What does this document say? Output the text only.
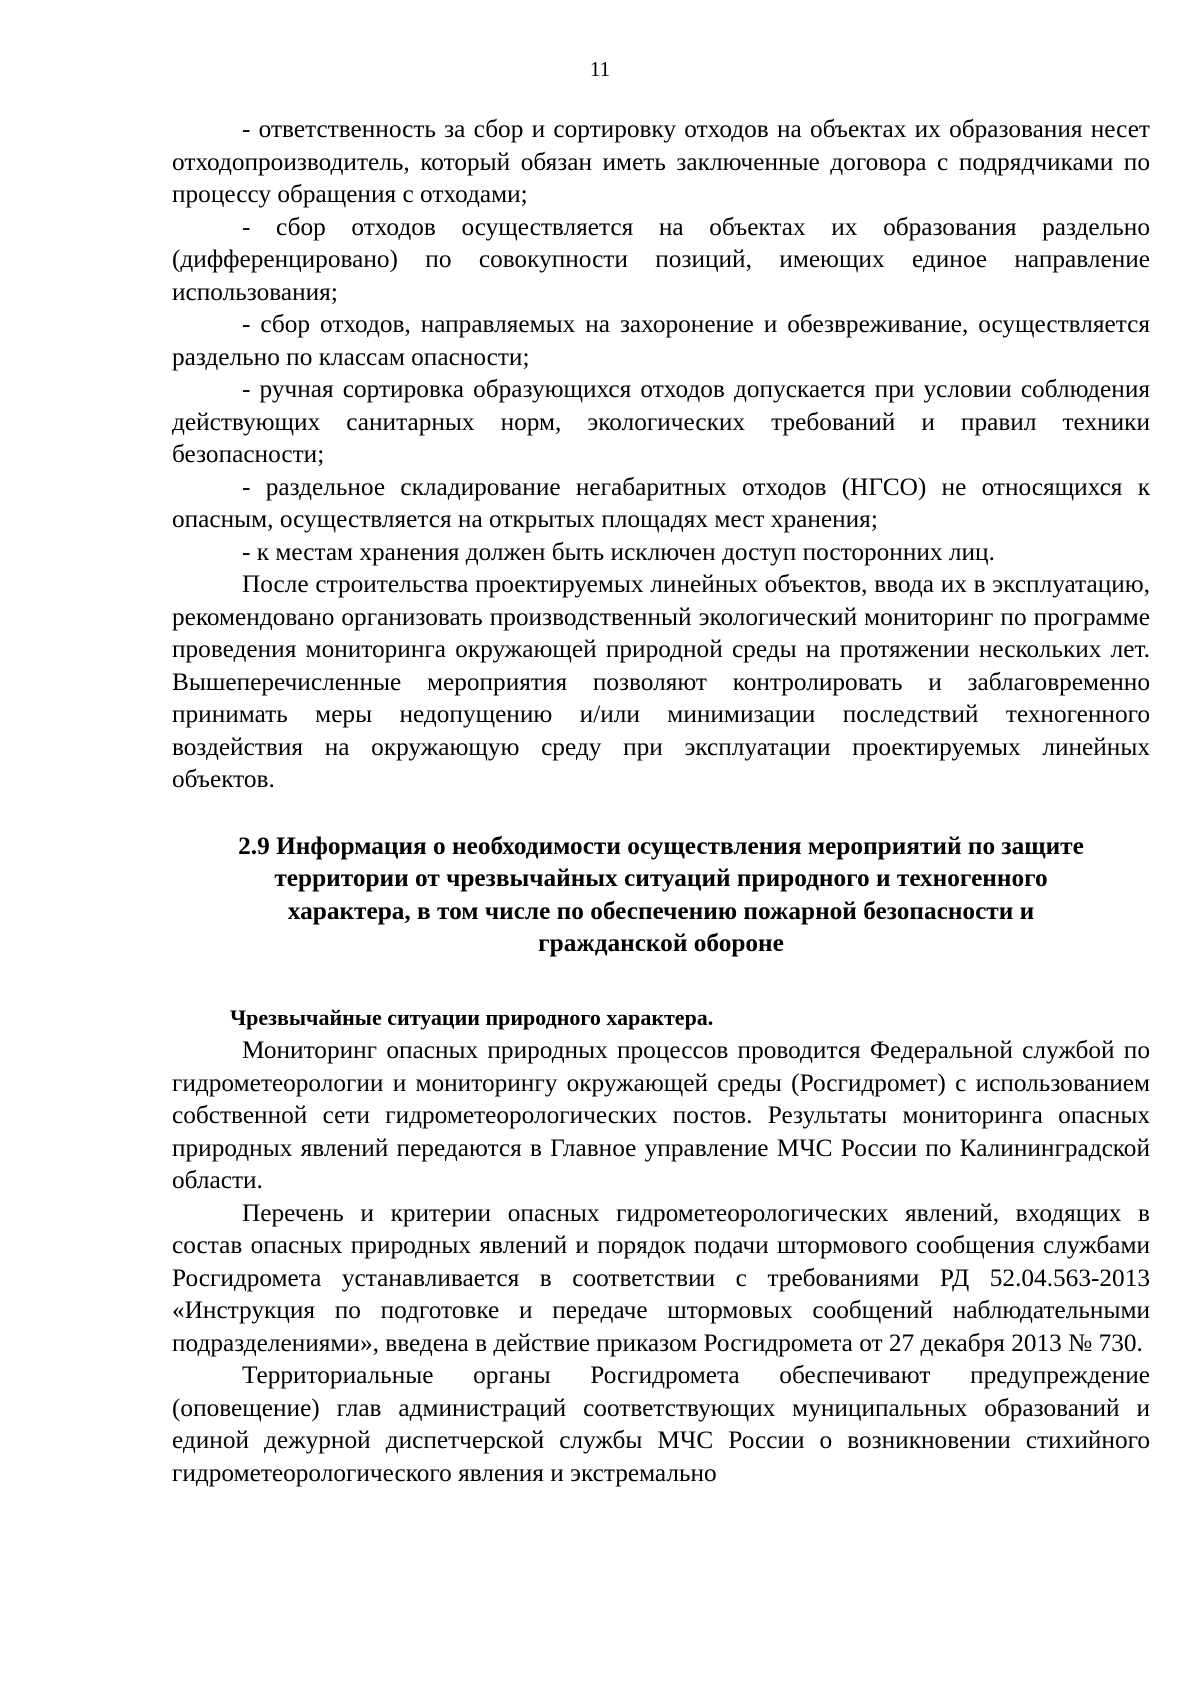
11

- ответственность за сбор и сортировку отходов на объектах их образования несет отходопроизводитель, который обязан иметь заключенные договора с подрядчиками по процессу обращения с отходами;

- сбор отходов осуществляется на объектах их образования раздельно (дифференцировано) по совокупности позиций, имеющих единое направление использования;

- сбор отходов, направляемых на захоронение и обезвреживание, осуществляется раздельно по классам опасности;

- ручная сортировка образующихся отходов допускается при условии соблюдения действующих санитарных норм, экологических требований и правил техники безопасности;

- раздельное складирование негабаритных отходов (НГСО) не относящихся к опасным, осуществляется на открытых площадях мест хранения;

- к местам хранения должен быть исключен доступ посторонних лиц.

После строительства проектируемых линейных объектов, ввода их в эксплуатацию, рекомендовано организовать производственный экологический мониторинг по программе проведения мониторинга окружающей природной среды на протяжении нескольких лет. Вышеперечисленные мероприятия позволяют контролировать и заблаговременно принимать меры недопущению и/или минимизации последствий техногенного воздействия на окружающую среду при эксплуатации проектируемых линейных объектов.

2.9 Информация о необходимости осуществления мероприятий по защите территории от чрезвычайных ситуаций природного и техногенного характера, в том числе по обеспечению пожарной безопасности и гражданской обороне
Чрезвычайные ситуации природного характера.

Мониторинг опасных природных процессов проводится Федеральной службой по гидрометеорологии и мониторингу окружающей среды (Росгидромет) с использованием собственной сети гидрометеорологических постов. Результаты мониторинга опасных природных явлений передаются в Главное управление МЧС России по Калининградской области.

Перечень и критерии опасных гидрометеорологических явлений, входящих в состав опасных природных явлений и порядок подачи штормового сообщения службами Росгидромета устанавливается в соответствии с требованиями РД 52.04.563-2013 «Инструкция по подготовке и передаче штормовых сообщений наблюдательными подразделениями», введена в действие приказом Росгидромета от 27 декабря 2013 № 730.

Территориальные органы Росгидромета обеспечивают предупреждение (оповещение) глав администраций соответствующих муниципальных образований и единой дежурной диспетчерской службы МЧС России о возникновении стихийного гидрометеорологического явления и экстремально
